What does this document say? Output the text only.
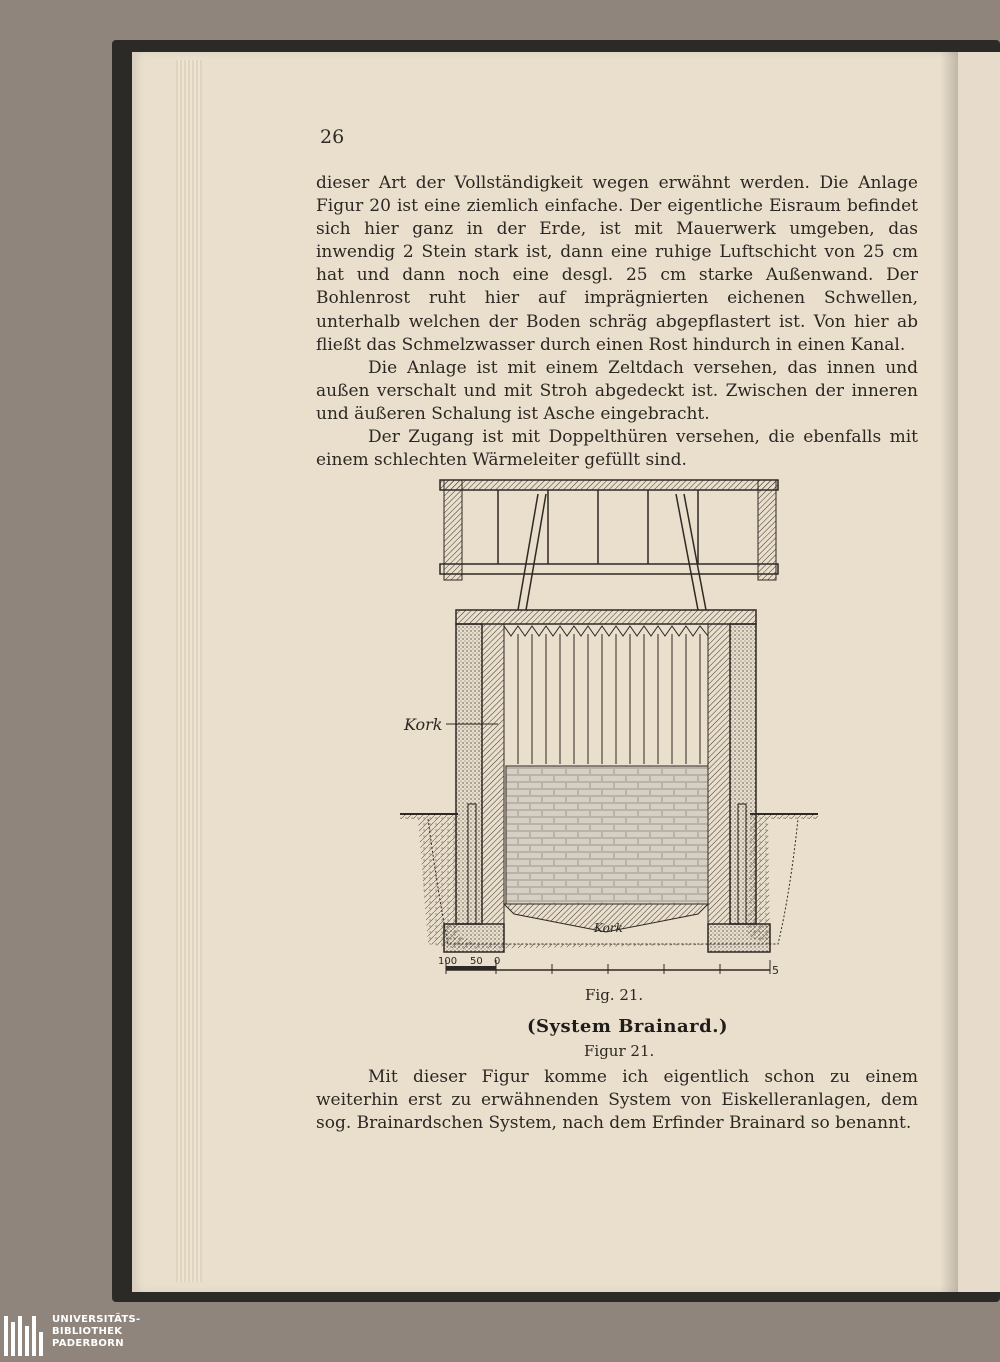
26

dieser Art der Vollständigkeit wegen erwähnt werden. Die Anlage Figur 20 ist eine ziemlich einfache. Der eigentliche Eisraum befindet sich hier ganz in der Erde, ist mit Mauerwerk umgeben, das inwendig 2 Stein stark ist, dann eine ruhige Luftschicht von 25 cm hat und dann noch eine desgl. 25 cm starke Außenwand. Der Bohlenrost ruht hier auf imprägnierten eichenen Schwellen, unterhalb welchen der Boden schräg abgepflastert ist. Von hier ab fließt das Schmelzwasser durch einen Rost hindurch in einen Kanal.

Die Anlage ist mit einem Zeltdach versehen, das innen und außen verschalt und mit Stroh abgedeckt ist. Zwischen der inneren und äußeren Schalung ist Asche eingebracht.

Der Zugang ist mit Doppelthüren versehen, die ebenfalls mit einem schlechten Wärmeleiter gefüllt sind.

Kork
Kork
100 50 0
5
Fig. 21.
(System Brainard.)
Figur 21.

Mit dieser Figur komme ich eigentlich schon zu einem weiterhin erst zu erwähnenden System von Eiskelleranlagen, dem sog. Brainardschen System, nach dem Erfinder Brainard so benannt.

UNIVERSITÄTS-
BIBLIOTHEK
PADERBORN
